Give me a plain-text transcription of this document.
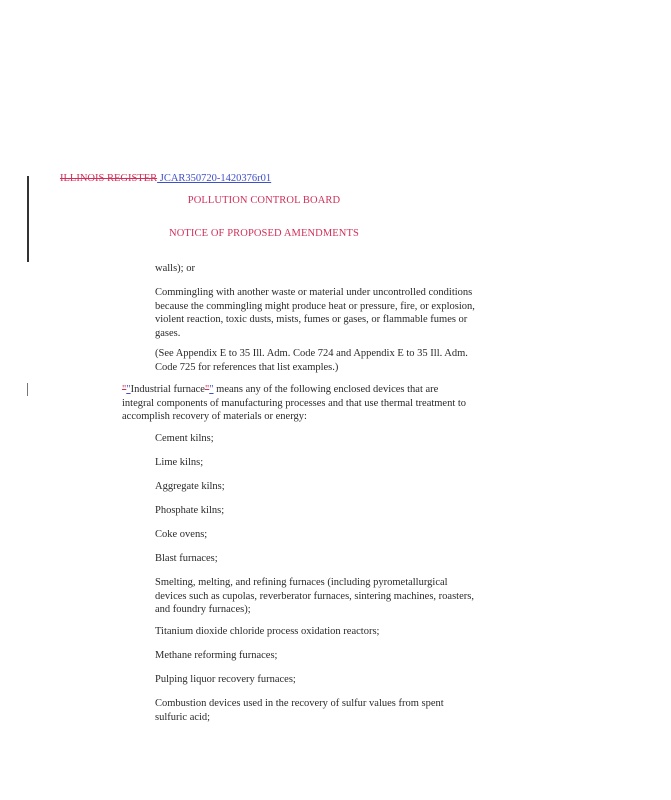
ILLINOIS REGISTER JCAR350720-1420376r01
POLLUTION CONTROL BOARD
NOTICE OF PROPOSED AMENDMENTS
walls); or
Commingling with another waste or material under uncontrolled conditions because the commingling might produce heat or pressure, fire, or explosion, violent reaction, toxic dusts, mists, fumes or gases, or flammable fumes or gases.
(See Appendix E to 35 Ill. Adm. Code 724 and Appendix E to 35 Ill. Adm. Code 725 for references that list examples.)
""Industrial furnace"" means any of the following enclosed devices that are integral components of manufacturing processes and that use thermal treatment to accomplish recovery of materials or energy:
Cement kilns;
Lime kilns;
Aggregate kilns;
Phosphate kilns;
Coke ovens;
Blast furnaces;
Smelting, melting, and refining furnaces (including pyrometallurgical devices such as cupolas, reverberator furnaces, sintering machines, roasters, and foundry furnaces);
Titanium dioxide chloride process oxidation reactors;
Methane reforming furnaces;
Pulping liquor recovery furnaces;
Combustion devices used in the recovery of sulfur values from spent sulfuric acid;
